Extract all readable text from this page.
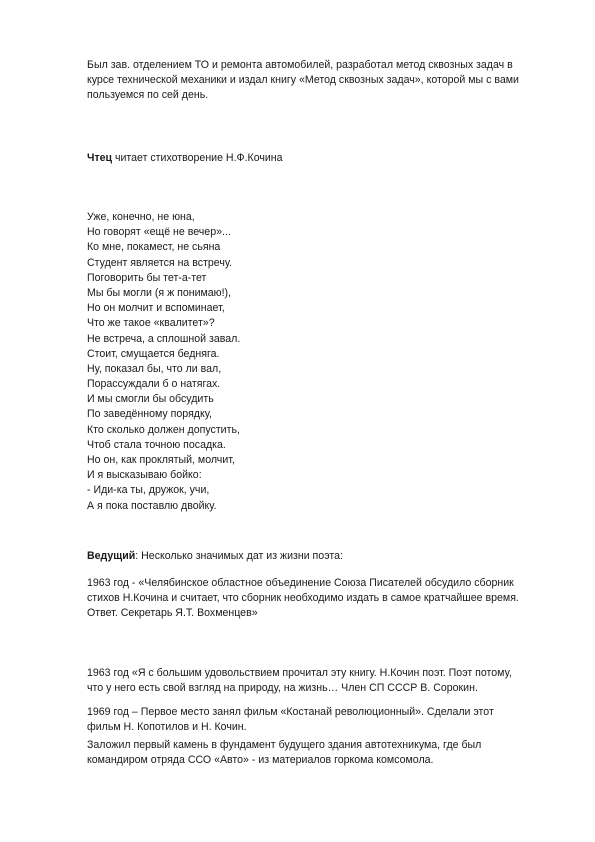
Был зав. отделением ТО и ремонта автомобилей, разработал метод сквозных задач в курсе технической механики и издал книгу «Метод сквозных задач», которой мы с вами пользуемся по сей день.

Чтец читает стихотворение Н.Ф.Кочина

Уже, конечно, не юна,
Но говорят «ещё не вечер»...
Ко мне, покамест, не сьяна
Студент является на встречу.
Поговорить бы тет-а-тет
Мы бы могли (я ж понимаю!),
Но он молчит и вспоминает,
Что же такое «квалитет»?
Не встреча, а сплошной завал.
Стоит, смущается бедняга.
Ну, показал бы, что ли вал,
Порассуждали б о натягах.
И мы смогли бы обсудить
По заведённому порядку,
Кто сколько должен допустить,
Чтоб стала точною посадка.
Но он, как проклятый, молчит,
И я высказываю бойко:
- Иди-ка ты, дружок, учи,
А я пока поставлю двойку.

Ведущий: Несколько значимых дат из жизни поэта:

1963 год - «Челябинское областное объединение Союза Писателей обсудило сборник стихов Н.Кочина и считает, что сборник необходимо издать в самое кратчайшее время. Ответ. Секретарь Я.Т. Вохменцев»

1963 год «Я с большим удовольствием прочитал эту книгу. Н.Кочин поэт. Поэт потому, что у него есть свой взгляд на природу, на жизнь… Член СП СССР В. Сорокин.

1969 год – Первое место занял фильм «Костанай революционный». Сделали этот фильм Н. Копотилов и Н. Кочин.

Заложил первый камень в фундамент будущего здания автотехникума, где был командиром отряда ССО «Авто» - из материалов горкома комсомола.
